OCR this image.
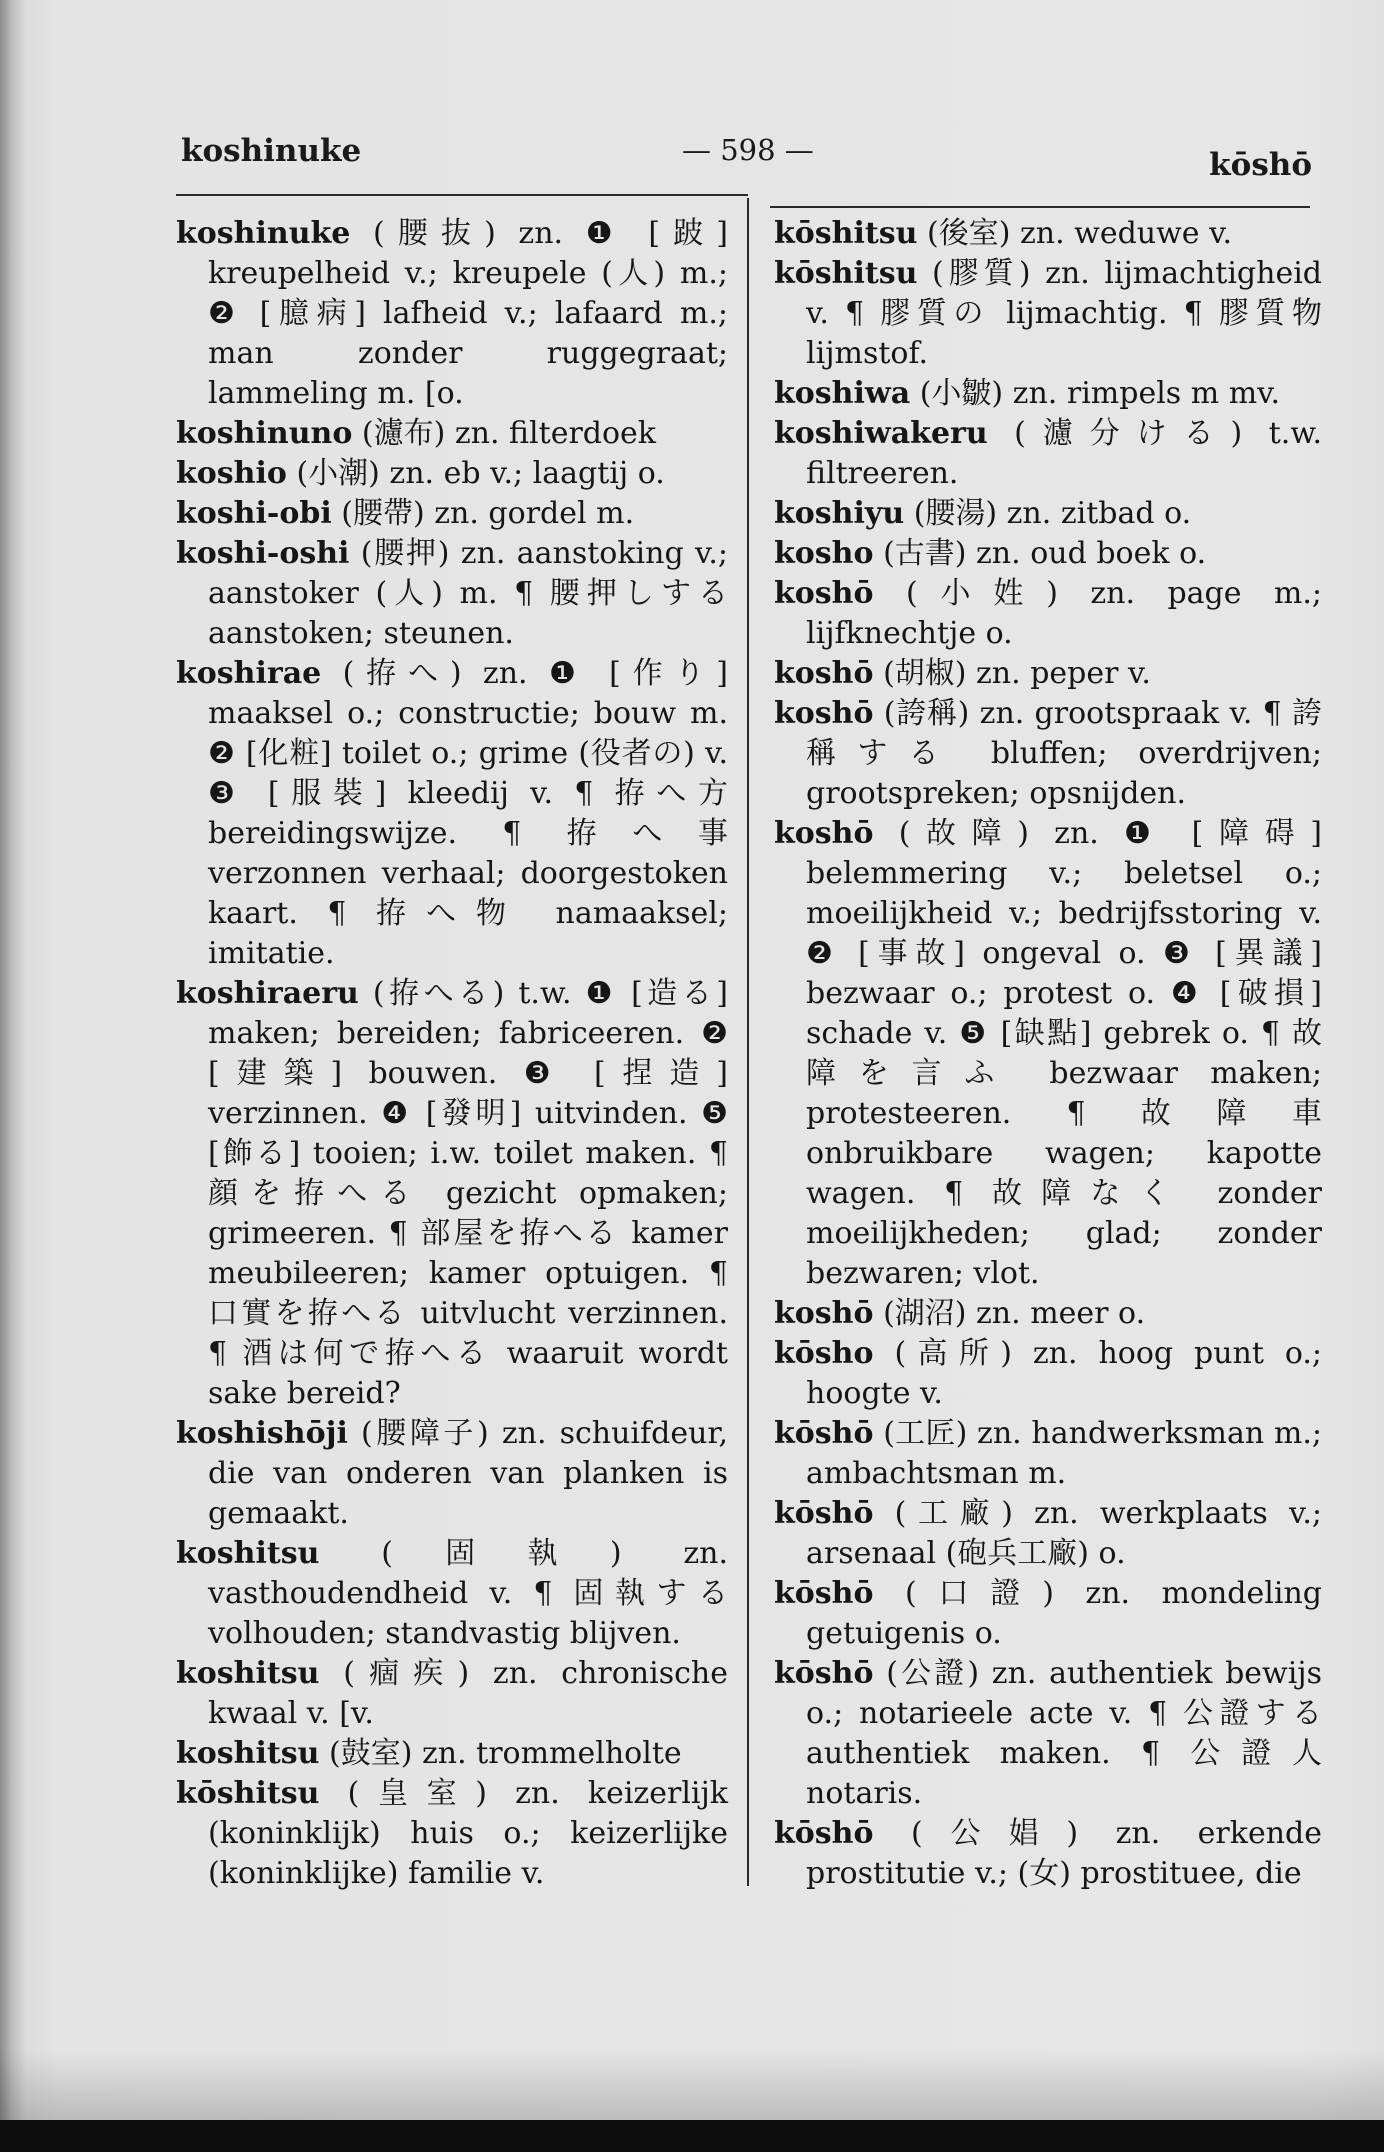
koshinuke	— 598 —	kōshō
koshinuke (腰抜) zn. ❶ [跛] kreupelheid v.; kreupele (人) m.; ❷ [臆病] lafheid v.; lafaard m.; man zonder ruggegraat; lammeling m. [o.
koshinuno (濾布) zn. filterdoek
koshio (小潮) zn. eb v.; laagtij o.
koshi-obi (腰帶) zn. gordel m.
koshi-oshi (腰押) zn. aanstoking v.; aanstoker (人) m. ¶ 腰押しする aanstoken; steunen.
koshirae (拵へ) zn. ❶ [作り] maaksel o.; constructie; bouw m. ❷ [化粧] toilet o.; grime (役者の) v. ❸ [服裝] kleedij v. ¶ 拵へ方 bereidingswijze. ¶ 拵へ事 verzonnen verhaal; doorgestoken kaart. ¶ 拵へ物 namaaksel; imitatie.
koshiraeru (拵へる) t.w. ❶ [造る] maken; bereiden; fabriceeren. ❷ [建築] bouwen. ❸ [捏造] verzinnen. ❹ [發明] uitvinden. ❺ [飾る] tooien; i.w. toilet maken. ¶ 顔を拵へる gezicht opmaken; grimeeren. ¶ 部屋を拵へる kamer meubileeren; kamer optuigen. ¶ 口實を拵へる uitvlucht verzinnen. ¶ 酒は何で拵へる waaruit wordt sake bereid?
koshishōji (腰障子) zn. schuifdeur, die van onderen van planken is gemaakt.
koshitsu (固執) zn. vasthoudendheid v. ¶ 固執する volhouden; standvastig blijven.
koshitsu (痼疾) zn. chronische kwaal v. [v.
koshitsu (鼓室) zn. trommelholte
kōshitsu (皇室) zn. keizerlijk (koninklijk) huis o.; keizerlijke (koninklijke) familie v.
kōshitsu (後室) zn. weduwe v.
kōshitsu (膠質) zn. lijmachtigheid v. ¶ 膠質の lijmachtig. ¶ 膠質物 lijmstof.
koshiwa (小皺) zn. rimpels m mv.
koshiwakeru (濾分ける) t.w. filtreeren.
koshiyu (腰湯) zn. zitbad o.
kosho (古書) zn. oud boek o.
koshō (小姓) zn. page m.; lijfknechtje o.
koshō (胡椒) zn. peper v.
koshō (誇稱) zn. grootspraak v. ¶ 誇稱する bluffen; overdrijven; grootspreken; opsnijden.
koshō (故障) zn. ❶ [障碍] belemmering v.; beletsel o.; moeilijkheid v.; bedrijfsstoring v. ❷ [事故] ongeval o. ❸ [異議] bezwaar o.; protest o. ❹ [破損] schade v. ❺ [缺點] gebrek o. ¶ 故障を言ふ bezwaar maken; protesteeren. ¶ 故障車 onbruikbare wagen; kapotte wagen. ¶ 故障なく zonder moeilijkheden; glad; zonder bezwaren; vlot.
koshō (湖沼) zn. meer o.
kōsho (高所) zn. hoog punt o.; hoogte v.
kōshō (工匠) zn. handwerksman m.; ambachtsman m.
kōshō (工廠) zn. werkplaats v.; arsenaal (砲兵工廠) o.
kōshō (口證) zn. mondeling getuigenis o.
kōshō (公證) zn. authentiek bewijs o.; notarieele acte v. ¶ 公證する authentiek maken. ¶ 公證人 notaris.
kōshō (公娼) zn. erkende prostitutie v.; (女) prostituee, die
